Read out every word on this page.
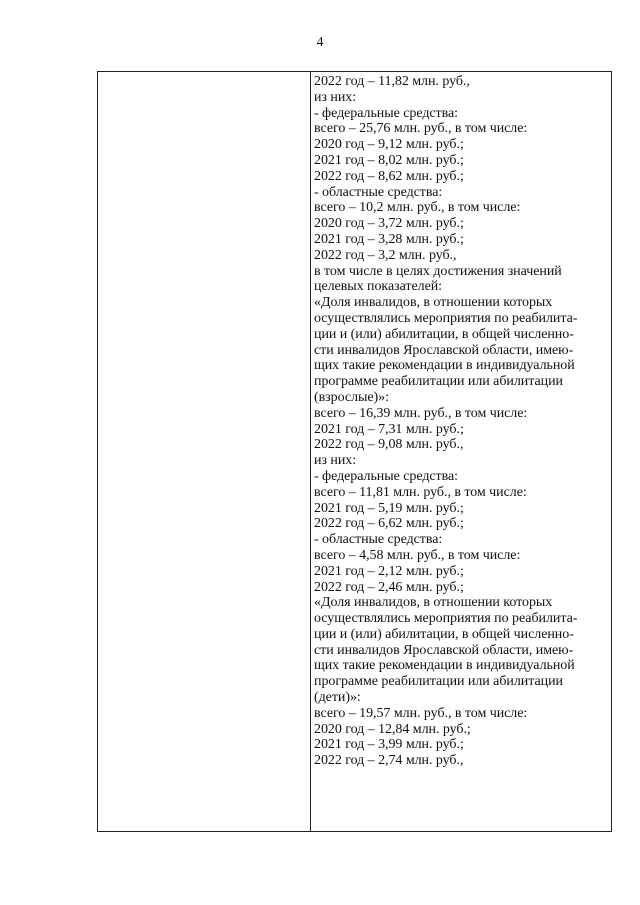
4
2022 год – 11,82 млн. руб.,
из них:
- федеральные средства:
всего – 25,76 млн. руб., в том числе:
2020 год – 9,12 млн. руб.;
2021 год – 8,02 млн. руб.;
2022 год – 8,62 млн. руб.;
- областные средства:
всего – 10,2 млн. руб., в том числе:
2020 год – 3,72 млн. руб.;
2021 год – 3,28 млн. руб.;
2022 год – 3,2 млн. руб.,
в том числе в целях достижения значений
целевых показателей:
«Доля инвалидов, в отношении которых
осуществлялись мероприятия по реабилита-
ции и (или) абилитации, в общей численно-
сти инвалидов Ярославской области, имею-
щих такие рекомендации в индивидуальной
программе реабилитации или абилитации
(взрослые)»:
всего – 16,39 млн. руб., в том числе:
2021 год – 7,31 млн. руб.;
2022 год – 9,08 млн. руб.,
из них:
- федеральные средства:
всего – 11,81 млн. руб., в том числе:
2021 год – 5,19 млн. руб.;
2022 год – 6,62 млн. руб.;
- областные средства:
всего – 4,58 млн. руб., в том числе:
2021 год – 2,12 млн. руб.;
2022 год – 2,46 млн. руб.;
«Доля инвалидов, в отношении которых
осуществлялись мероприятия по реабилита-
ции и (или) абилитации, в общей численно-
сти инвалидов Ярославской области, имею-
щих такие рекомендации в индивидуальной
программе реабилитации или абилитации
(дети)»:
всего – 19,57 млн. руб., в том числе:
2020 год – 12,84 млн. руб.;
2021 год – 3,99 млн. руб.;
2022 год – 2,74 млн. руб.,
